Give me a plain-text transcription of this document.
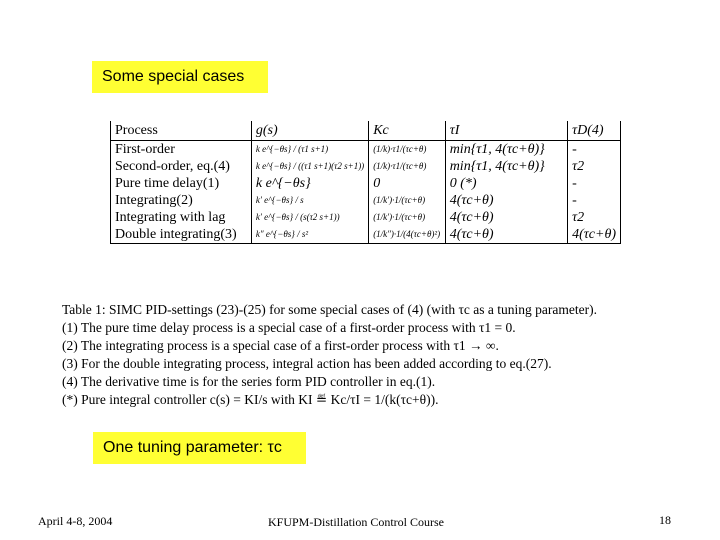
Some special cases
Process	g(s)	Kc	τI	τD(4)
First-order	k e^{−θs} / (τ1 s+1)	(1/k)·τ1/(τc+θ)	min{τ1, 4(τc+θ)}	-
Second-order, eq.(4)	k e^{−θs} / ((τ1 s+1)(τ2 s+1))	(1/k)·τ1/(τc+θ)	min{τ1, 4(τc+θ)}	τ2
Pure time delay(1)	k e^{−θs}	0	0 (*)	-
Integrating(2)	k′ e^{−θs} / s	(1/k′)·1/(τc+θ)	4(τc+θ)	-
Integrating with lag	k′ e^{−θs} / (s(τ2 s+1))	(1/k′)·1/(τc+θ)	4(τc+θ)	τ2
Double integrating(3)	k″ e^{−θs} / s²	(1/k″)·1/(4(τc+θ)²)	4(τc+θ)	4(τc+θ)
Table 1: SIMC PID-settings (23)-(25) for some special cases of (4) (with τc as a tuning parameter).
(1) The pure time delay process is a special case of a first-order process with τ1 = 0.
(2) The integrating process is a special case of a first-order process with τ1 → ∞.
(3) For the double integrating process, integral action has been added according to eq.(27).
(4) The derivative time is for the series form PID controller in eq.(1).
(*) Pure integral controller c(s) = KI/s with KI ≝ Kc/τI = 1/(k(τc+θ)).
One tuning parameter: τc
April 4-8, 2004	KFUPM-Distillation Control Course	18
